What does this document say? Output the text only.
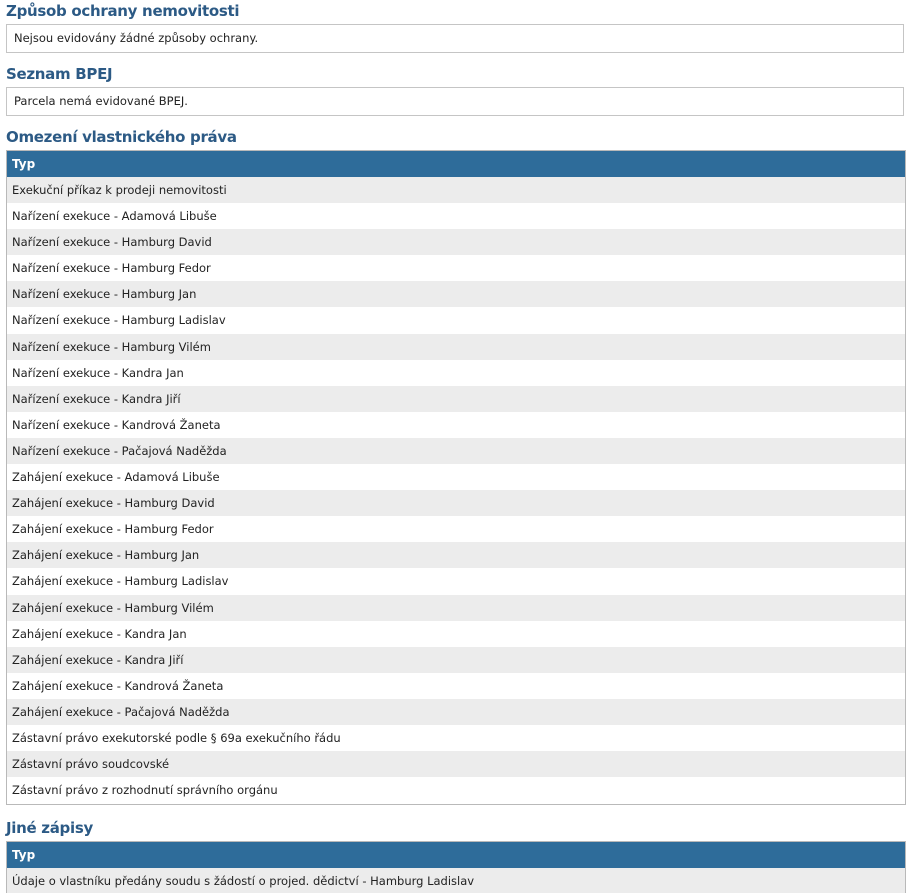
Způsob ochrany nemovitosti
Nejsou evidovány žádné způsoby ochrany.
Seznam BPEJ
Parcela nemá evidované BPEJ.
Omezení vlastnického práva
Typ
Exekuční příkaz k prodeji nemovitosti
Nařízení exekuce - Adamová Libuše
Nařízení exekuce - Hamburg David
Nařízení exekuce - Hamburg Fedor
Nařízení exekuce - Hamburg Jan
Nařízení exekuce - Hamburg Ladislav
Nařízení exekuce - Hamburg Vilém
Nařízení exekuce - Kandra Jan
Nařízení exekuce - Kandra Jiří
Nařízení exekuce - Kandrová Žaneta
Nařízení exekuce - Pačajová Naděžda
Zahájení exekuce - Adamová Libuše
Zahájení exekuce - Hamburg David
Zahájení exekuce - Hamburg Fedor
Zahájení exekuce - Hamburg Jan
Zahájení exekuce - Hamburg Ladislav
Zahájení exekuce - Hamburg Vilém
Zahájení exekuce - Kandra Jan
Zahájení exekuce - Kandra Jiří
Zahájení exekuce - Kandrová Žaneta
Zahájení exekuce - Pačajová Naděžda
Zástavní právo exekutorské podle § 69a exekučního řádu
Zástavní právo soudcovské
Zástavní právo z rozhodnutí správního orgánu
Jiné zápisy
Typ
Údaje o vlastníku předány soudu s žádostí o projed. dědictví - Hamburg Ladislav
